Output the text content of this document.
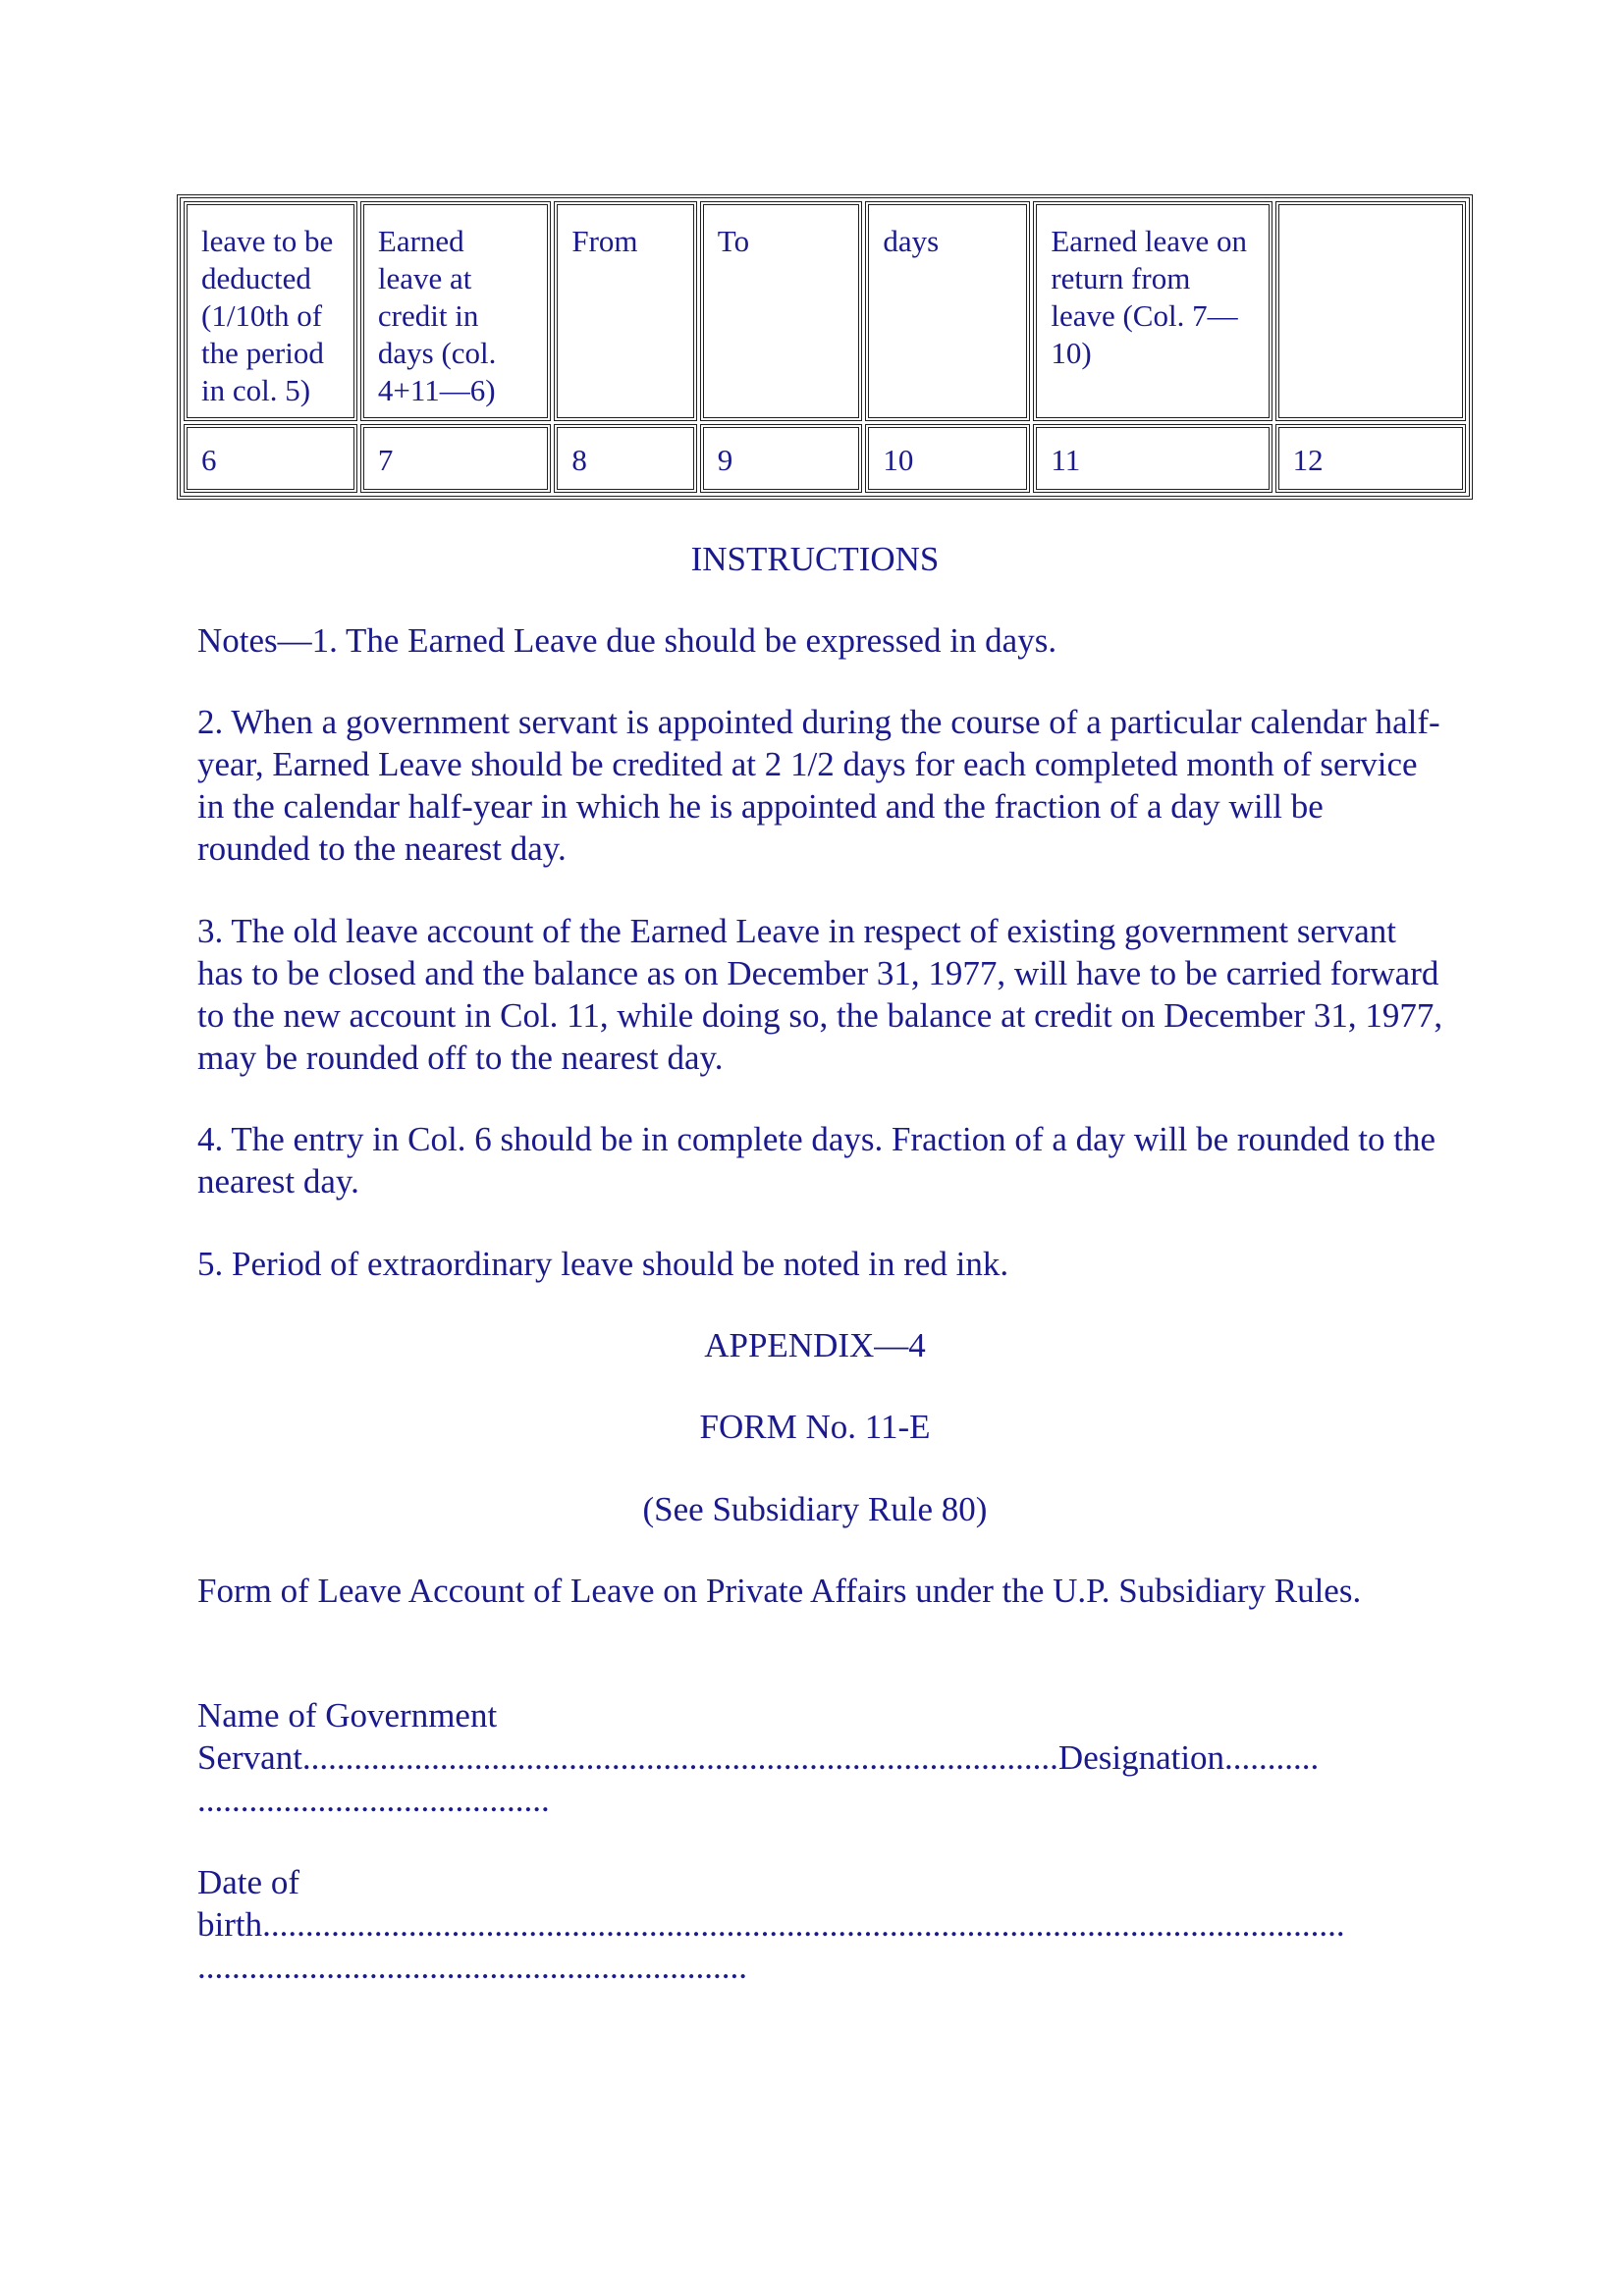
leave to be deducted (1/10th of the period in col. 5)	Earned leave at credit in days (col. 4+11—6)	From	To	days	Earned leave on return from leave (Col. 7—10)	
6	7	8	9	10	11	12

INSTRUCTIONS

Notes—1. The Earned Leave due should be expressed in days.

2. When a government servant is appointed during the course of a particular calendar half-year, Earned Leave should be credited at 2 1/2 days for each completed month of service in the calendar half-year in which he is appointed and the fraction of a day will be rounded to the nearest day.

3. The old leave account of the Earned Leave in respect of existing government servant has to be closed and the balance as on December 31, 1977, will have to be carried forward to the new account in Col. 11, while doing so, the balance at credit on December 31, 1977, may be rounded off to the nearest day.

4. The entry in Col. 6 should be in complete days. Fraction of a day will be rounded to the nearest day.

5. Period of extraordinary leave should be noted in red ink.

APPENDIX—4

FORM No. 11-E

(See Subsidiary Rule 80)

Form of Leave Account of Leave on Private Affairs under the U.P. Subsidiary Rules.

Name of Government

Servant........................................................................................Designation...........

.........................................

Date of

birth..............................................................................................................................

................................................................
